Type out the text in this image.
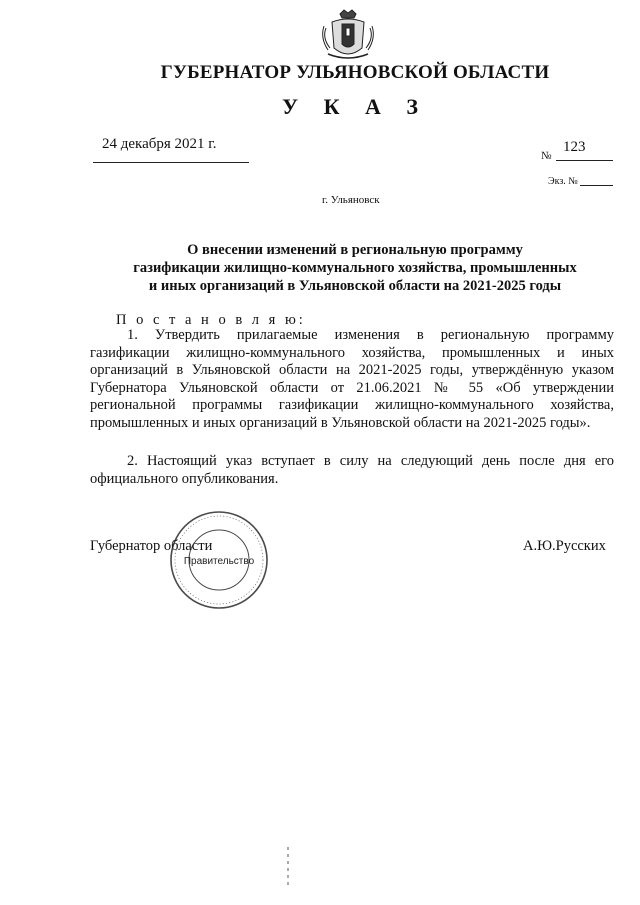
ГУБЕРНАТОР УЛЬЯНОВСКОЙ ОБЛАСТИ
У К А З
24 декабря 2021 г.
№
123
Экз. №
г. Ульяновск
О внесении изменений в региональную программу
газификации жилищно-коммунального хозяйства, промышленных
и иных организаций в Ульяновской области на 2021-2025 годы
П о с т а н о в л я ю:
1. Утвердить прилагаемые изменения в региональную программу газификации жилищно-коммунального хозяйства, промышленных и иных организаций в Ульяновской области на 2021-2025 годы, утверждённую указом Губернатора Ульяновской области от 21.06.2021 № 55 «Об утверждении региональной программы газификации жилищно-коммунального хозяйства, промышленных и иных организаций в Ульяновской области на 2021-2025 годы».
2. Настоящий указ вступает в силу на следующий день после дня его официального опубликования.
Губернатор области	А.Ю.Русских
Правительство
